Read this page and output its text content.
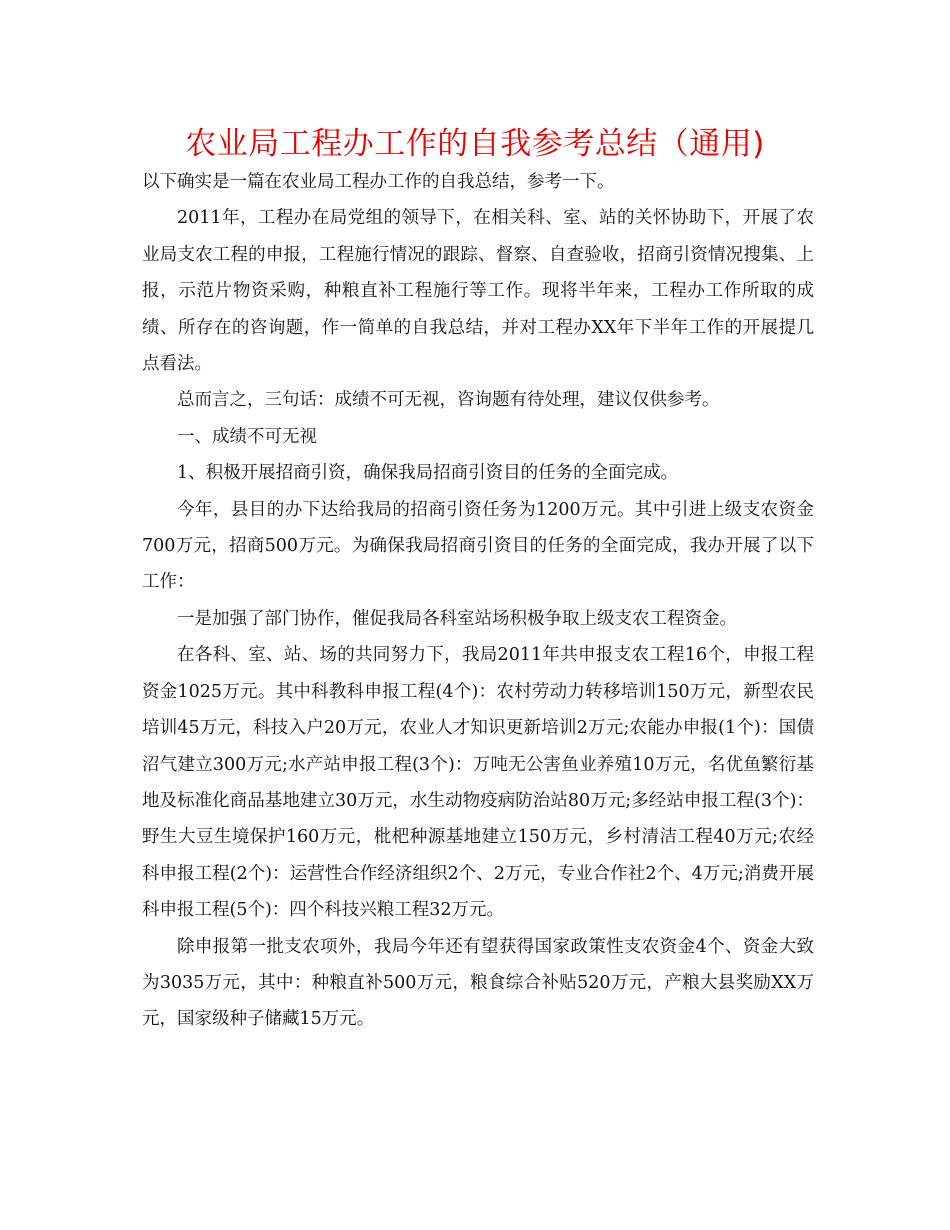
农业局工程办工作的自我参考总结（通用)

以下确实是一篇在农业局工程办工作的自我总结，参考一下。

2011年，工程办在局党组的领导下，在相关科、室、站的关怀协助下，开展了农业局支农工程的申报，工程施行情况的跟踪、督察、自查验收，招商引资情况搜集、上报，示范片物资采购，种粮直补工程施行等工作。现将半年来，工程办工作所取的成绩、所存在的咨询题，作一简单的自我总结，并对工程办XX年下半年工作的开展提几点看法。

总而言之，三句话：成绩不可无视，咨询题有待处理，建议仅供参考。

一、成绩不可无视

1、积极开展招商引资，确保我局招商引资目的任务的全面完成。

今年，县目的办下达给我局的招商引资任务为1200万元。其中引进上级支农资金700万元，招商500万元。为确保我局招商引资目的任务的全面完成，我办开展了以下工作：

一是加强了部门协作，催促我局各科室站场积极争取上级支农工程资金。

在各科、室、站、场的共同努力下，我局2011年共申报支农工程16个，申报工程资金1025万元。其中科教科申报工程(4个)：农村劳动力转移培训150万元，新型农民培训45万元，科技入户20万元，农业人才知识更新培训2万元;农能办申报(1个)：国债沼气建立300万元;水产站申报工程(3个)：万吨无公害鱼业养殖10万元，名优鱼繁衍基地及标准化商品基地建立30万元，水生动物疫病防治站80万元;多经站申报工程(3个)：野生大豆生境保护160万元，枇杷种源基地建立150万元，乡村清洁工程40万元;农经科申报工程(2个)：运营性合作经济组织2个、2万元，专业合作社2个、4万元;消费开展科申报工程(5个)：四个科技兴粮工程32万元。

除申报第一批支农项外，我局今年还有望获得国家政策性支农资金4个、资金大致为3035万元，其中：种粮直补500万元，粮食综合补贴520万元，产粮大县奖励XX万元，国家级种子储藏15万元。
